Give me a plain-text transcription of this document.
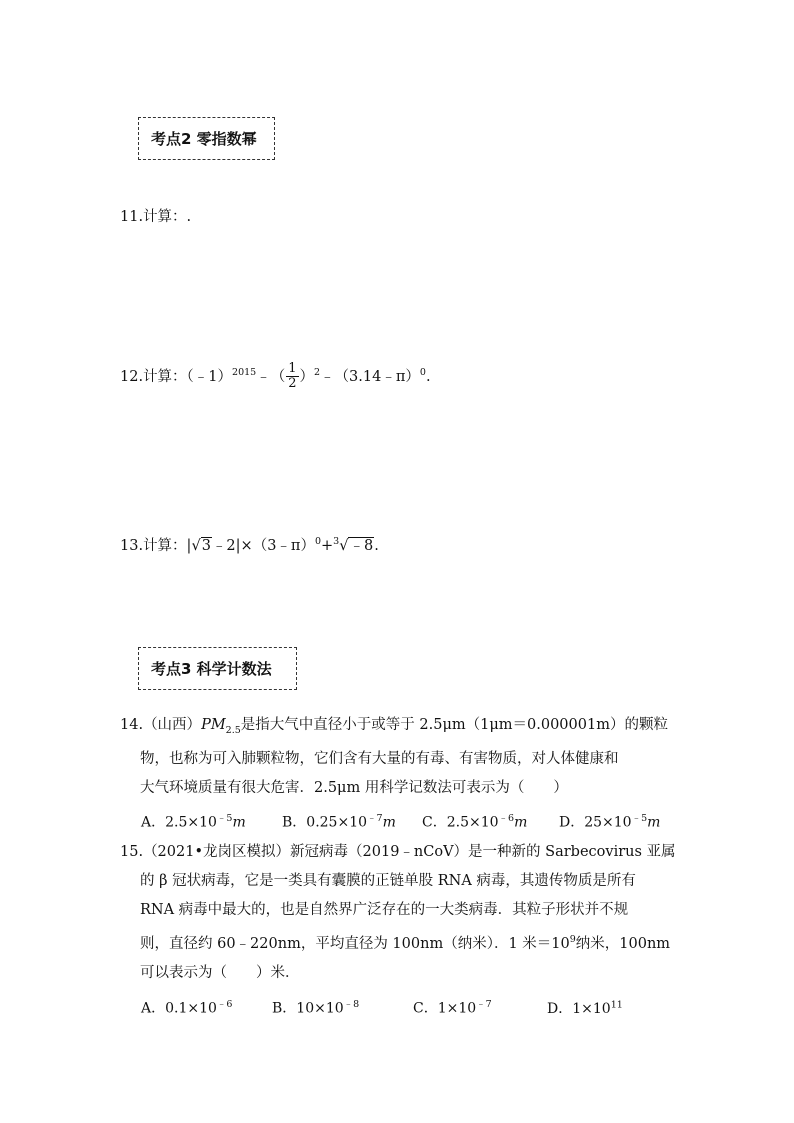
考点2 零指数幂
11.计算：.
12.计算：（﹣1）$^{2015}$﹣（ $\frac{1}{2}$ ）$^2$﹣（3.14﹣π）$^0$.
13.计算：|√3﹣2|×（3﹣π）$^0$+$^3$√﹣8.
考点3 科学计数法
14.（山西）$PM_{2.5}$是指大气中直径小于或等于 2.5μm（1μm＝0.000001m）的颗粒
物，也称为可入肺颗粒物，它们含有大量的有毒、有害物质，对人体健康和
大气环境质量有很大危害．2.5μm 用科学记数法可表示为（　　）
A．$2.5\times 10^{﹣5}m$	B．$0.25\times 10^{﹣7}m$ C．$2.5\times 10^{﹣6}m$ D．$25\times 10^{﹣5}m$
15.（2021•龙岗区模拟）新冠病毒（2019﹣nCoV）是一种新的 Sarbecovirus 亚属
的 β 冠状病毒，它是一类具有囊膜的正链单股 RNA 病毒，其遗传物质是所有
RNA 病毒中最大的，也是自然界广泛存在的一大类病毒．其粒子形状并不规
则，直径约 60﹣220nm，平均直径为 100nm（纳米）．1 米$=10^9$纳米，100nm
可以表示为（　　）米．
A．$0.1\times 10^{﹣6}$	B．$10\times 10^{﹣8}$	C．$1\times 10^{﹣7}$	D．$1\times 10^{11}$
